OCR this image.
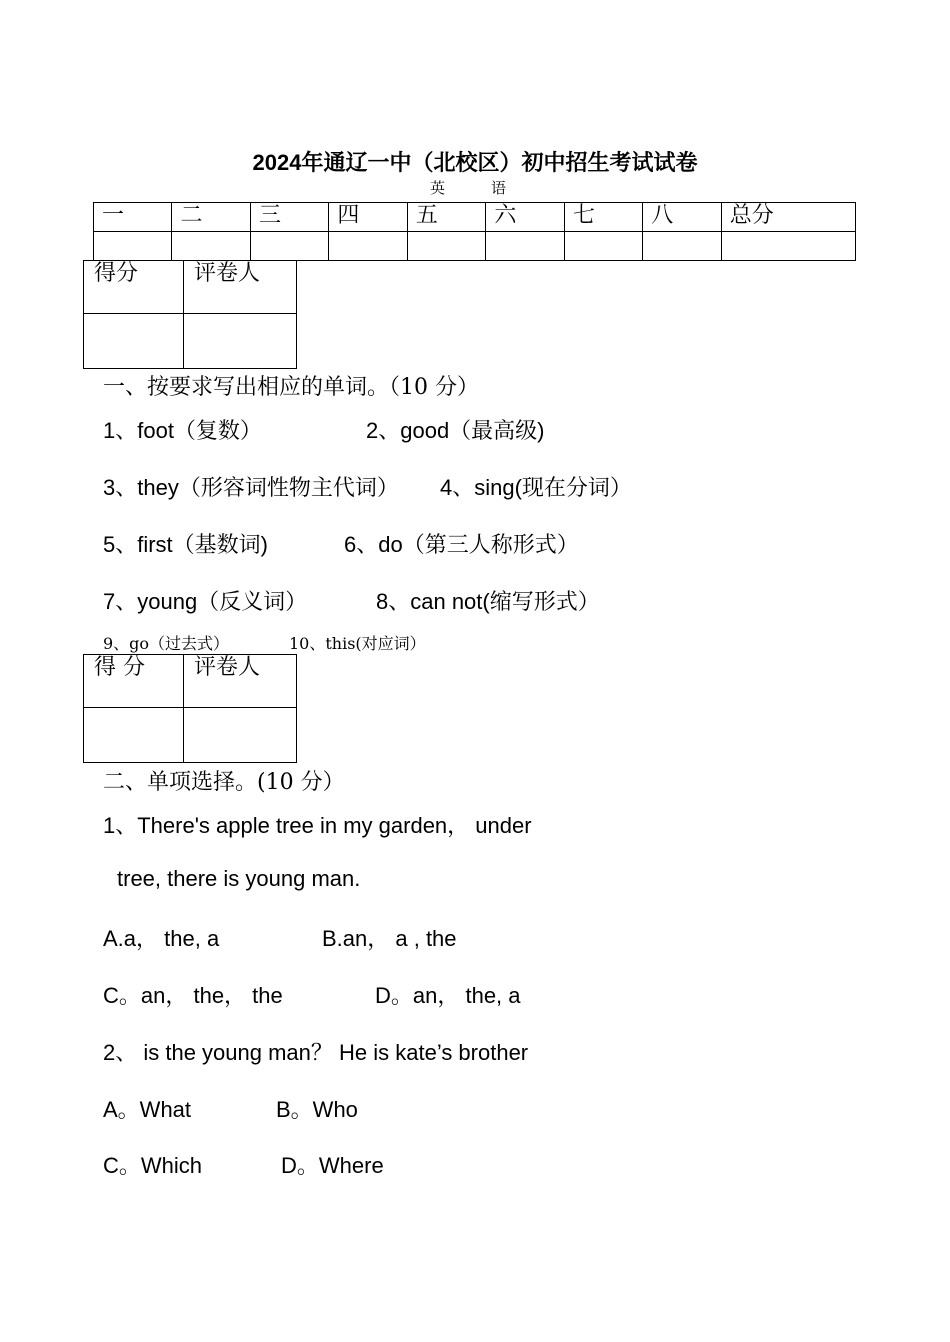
2024年通辽一中（北校区）初中招生考试试卷
英语
一	二	三	四	五	六	七	八	总分

得分	评卷人

一、按要求写出相应的单词。（10 分）
1、foot（复数）	2、good（最高级)
3、they（形容词性物主代词） 4、sing(现在分词）
5、first（基数词)	6、do（第三人称形式）
7、young（反义词）	8、can not(缩写形式）
9、go（过去式）	10、this(对应词）
得 分	评卷人

二、单项选择。(10 分）
1、There's apple tree in my garden， under
tree, there is young man.
A.a， the, a	B.an， a , the
C。an， the， the	D。an， the, a
2、 is the young man？ He is kate’s brother
A。What	B。Who
C。Which	D。Where
